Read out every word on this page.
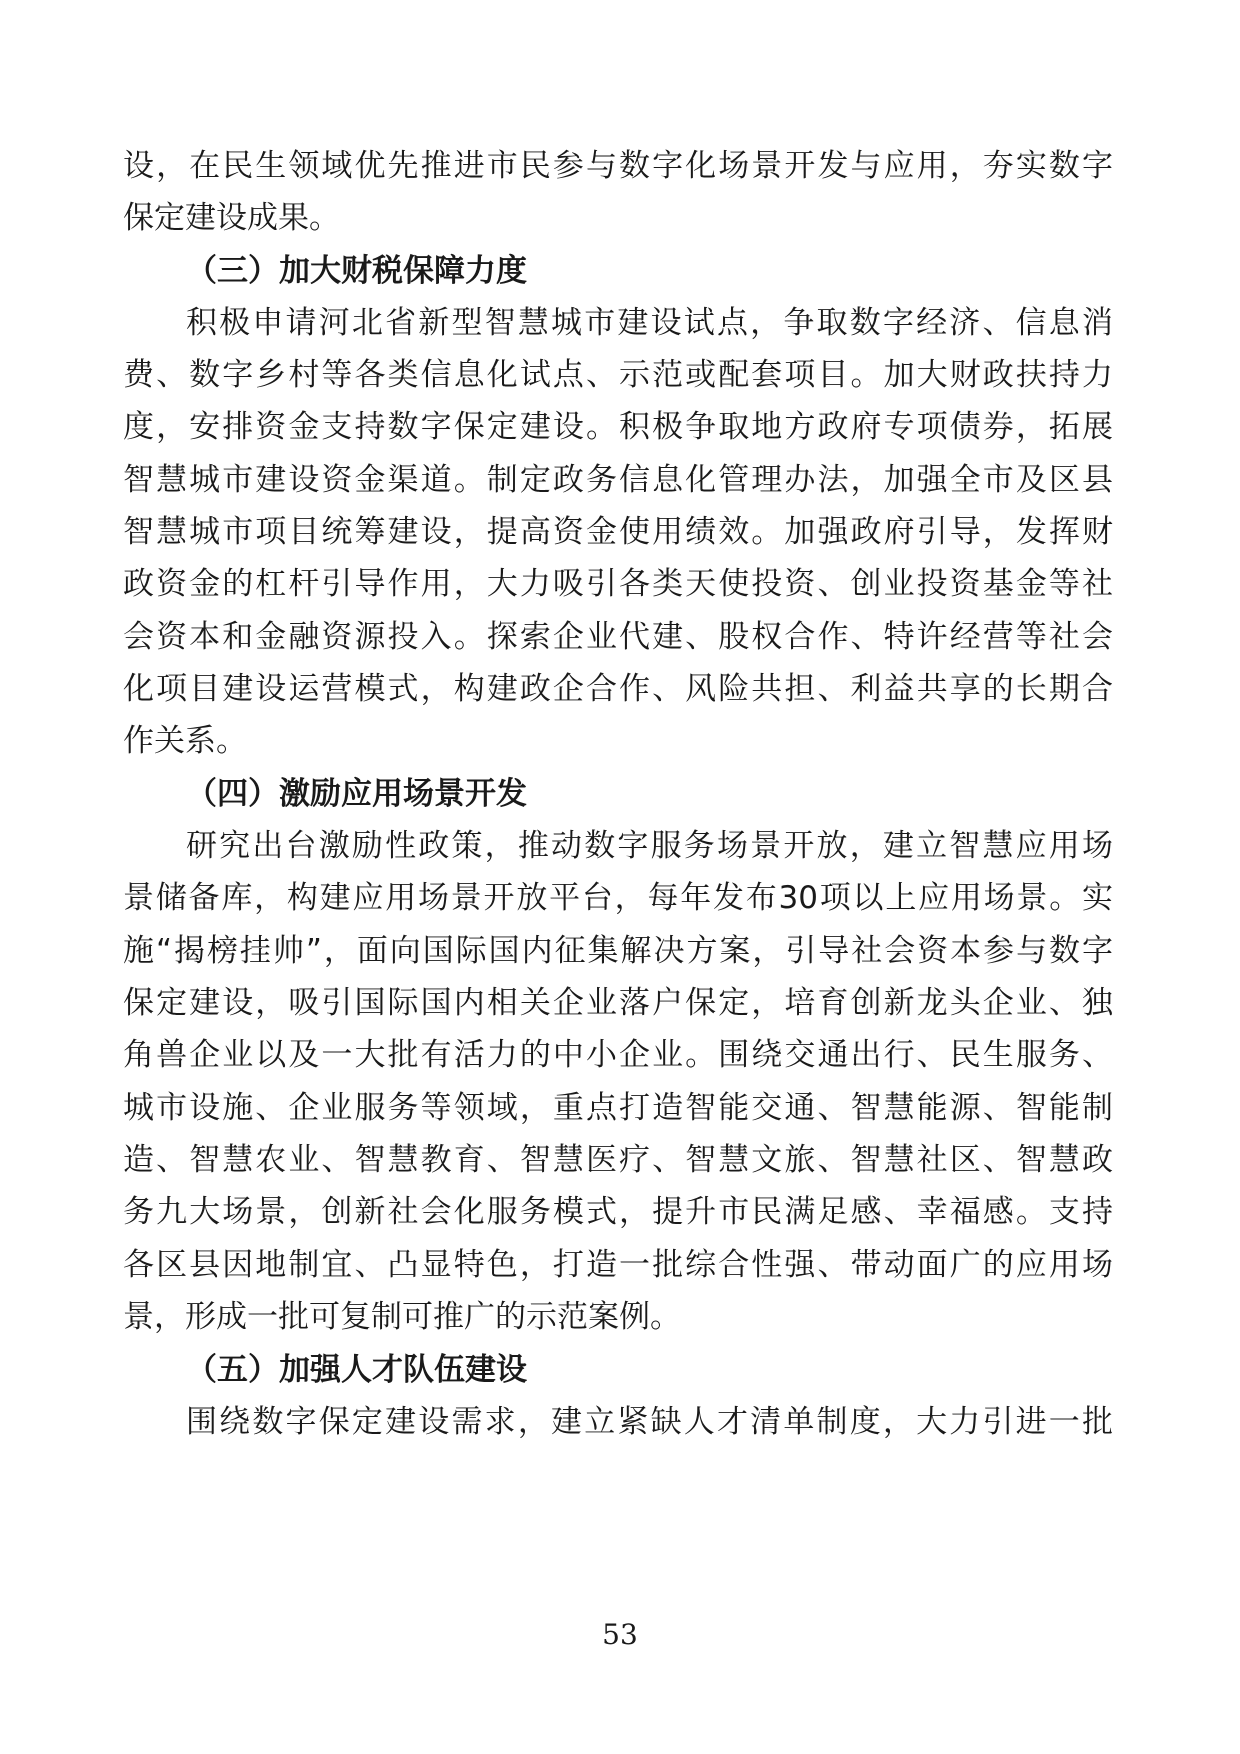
设，在民生领域优先推进市民参与数字化场景开发与应用，夯实数字
保定建设成果。
（三）加大财税保障力度
积极申请河北省新型智慧城市建设试点，争取数字经济、信息消
费、数字乡村等各类信息化试点、示范或配套项目。加大财政扶持力
度，安排资金支持数字保定建设。积极争取地方政府专项债券，拓展
智慧城市建设资金渠道。制定政务信息化管理办法，加强全市及区县
智慧城市项目统筹建设，提高资金使用绩效。加强政府引导，发挥财
政资金的杠杆引导作用，大力吸引各类天使投资、创业投资基金等社
会资本和金融资源投入。探索企业代建、股权合作、特许经营等社会
化项目建设运营模式，构建政企合作、风险共担、利益共享的长期合
作关系。
（四）激励应用场景开发
研究出台激励性政策，推动数字服务场景开放，建立智慧应用场
景储备库，构建应用场景开放平台，每年发布30项以上应用场景。实
施“揭榜挂帅”，面向国际国内征集解决方案，引导社会资本参与数字
保定建设，吸引国际国内相关企业落户保定，培育创新龙头企业、独
角兽企业以及一大批有活力的中小企业。围绕交通出行、民生服务、
城市设施、企业服务等领域，重点打造智能交通、智慧能源、智能制
造、智慧农业、智慧教育、智慧医疗、智慧文旅、智慧社区、智慧政
务九大场景，创新社会化服务模式，提升市民满足感、幸福感。支持
各区县因地制宜、凸显特色，打造一批综合性强、带动面广的应用场
景，形成一批可复制可推广的示范案例。
（五）加强人才队伍建设
围绕数字保定建设需求，建立紧缺人才清单制度，大力引进一批
53
